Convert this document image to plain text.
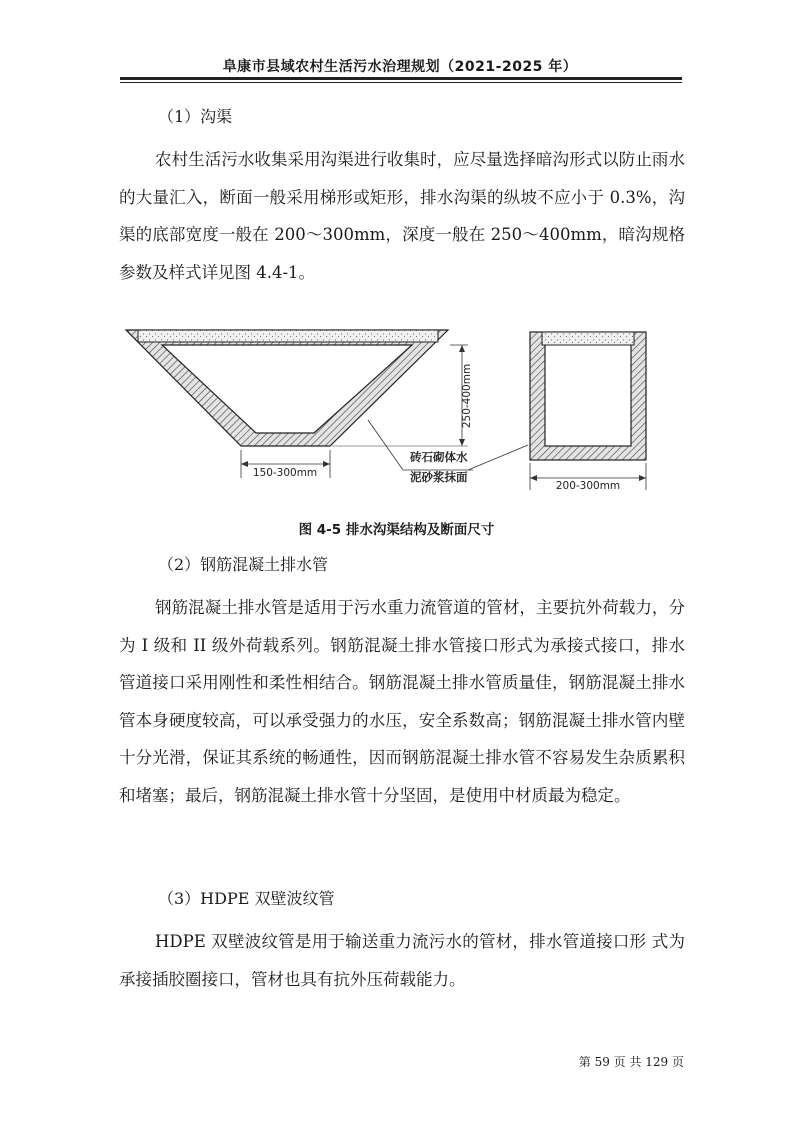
阜康市县域农村生活污水治理规划（2021-2025 年）
（1）沟渠

农村生活污水收集采用沟渠进行收集时，应尽量选择暗沟形式以防止雨水的大量汇入，断面一般采用梯形或矩形，排水沟渠的纵坡不应小于 0.3%，沟渠的底部宽度一般在 200～300mm，深度一般在 250～400mm，暗沟规格参数及样式详见图 4.4-1。

150-300mm
250-400mm
砖石砌体水
泥砂浆抹面
200-300mm
图 4-5 排水沟渠结构及断面尺寸
（2）钢筋混凝土排水管

钢筋混凝土排水管是适用于污水重力流管道的管材，主要抗外荷载力，分为 I 级和 II 级外荷载系列。钢筋混凝土排水管接口形式为承接式接口，排水管道接口采用刚性和柔性相结合。钢筋混凝土排水管质量佳，钢筋混凝土排水管本身硬度较高，可以承受强力的水压，安全系数高；钢筋混凝土排水管内壁十分光滑，保证其系统的畅通性，因而钢筋混凝土排水管不容易发生杂质累积和堵塞；最后，钢筋混凝土排水管十分坚固，是使用中材质最为稳定。

（3）HDPE 双壁波纹管

HDPE 双壁波纹管是用于输送重力流污水的管材，排水管道接口形 式为承接插胶圈接口，管材也具有抗外压荷载能力。

第 59 页 共 129 页
